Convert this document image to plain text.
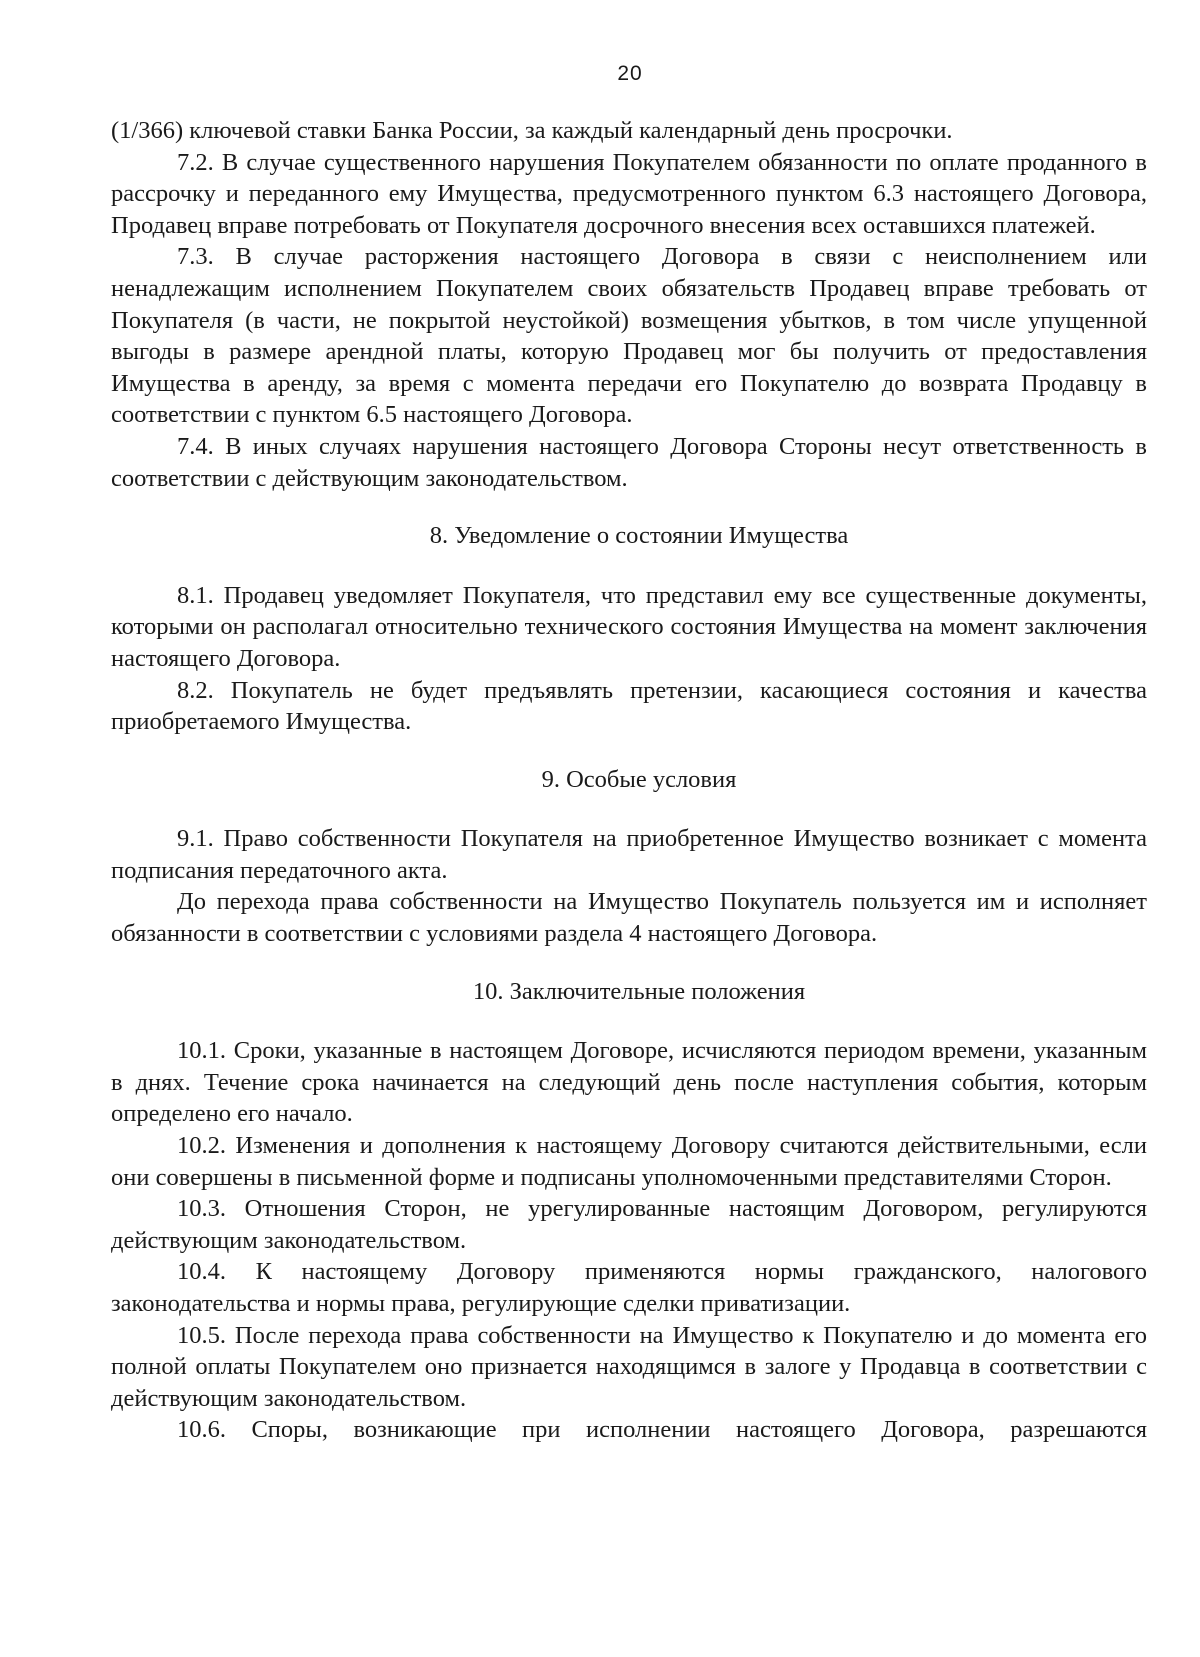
20

(1/366) ключевой ставки Банка России, за каждый календарный день просрочки.

7.2. В случае существенного нарушения Покупателем обязанности по оплате проданного в рассрочку и переданного ему Имущества, предусмотренного пунктом 6.3 настоящего Договора, Продавец вправе потребовать от Покупателя досрочного внесения всех оставшихся платежей.

7.3. В случае расторжения настоящего Договора в связи с неисполнением или ненадлежащим исполнением Покупателем своих обязательств Продавец вправе требовать от Покупателя (в части, не покрытой неустойкой) возмещения убытков, в том числе упущенной выгоды в размере арендной платы, которую Продавец мог бы получить от предоставления Имущества в аренду, за время с момента передачи его Покупателю до возврата Продавцу в соответствии с пунктом 6.5 настоящего Договора.

7.4. В иных случаях нарушения настоящего Договора Стороны несут ответственность в соответствии с действующим законодательством.

8. Уведомление о состоянии Имущества

8.1. Продавец уведомляет Покупателя, что представил ему все существенные документы, которыми он располагал относительно технического состояния Имущества на момент заключения настоящего Договора.

8.2. Покупатель не будет предъявлять претензии, касающиеся состояния и качества приобретаемого Имущества.

9. Особые условия

9.1. Право собственности Покупателя на приобретенное Имущество возникает с момента подписания передаточного акта.

До перехода права собственности на Имущество Покупатель пользуется им и исполняет обязанности в соответствии с условиями раздела 4 настоящего Договора.

10. Заключительные положения

10.1. Сроки, указанные в настоящем Договоре, исчисляются периодом времени, указанным в днях. Течение срока начинается на следующий день после наступления события, которым определено его начало.

10.2. Изменения и дополнения к настоящему Договору считаются действительными, если они совершены в письменной форме и подписаны уполномоченными представителями Сторон.

10.3. Отношения Сторон, не урегулированные настоящим Договором, регулируются действующим законодательством.

10.4. К настоящему Договору применяются нормы гражданского, налогового законодательства и нормы права, регулирующие сделки приватизации.

10.5. После перехода права собственности на Имущество к Покупателю и до момента его полной оплаты Покупателем оно признается находящимся в залоге у Продавца в соответствии с действующим законодательством.

10.6. Споры, возникающие при исполнении настоящего Договора, разрешаются
